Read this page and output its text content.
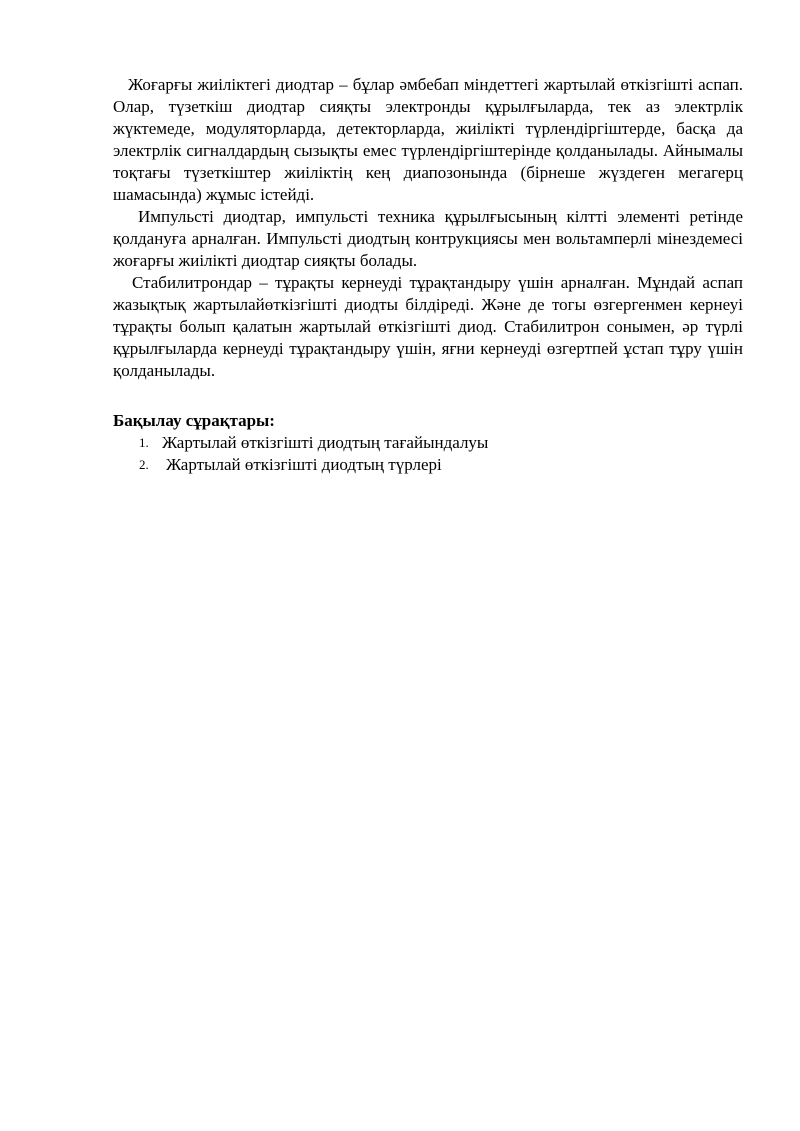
Жоғарғы жиіліктегі диодтар – бұлар әмбебап міндеттегі жартылай өткізгішті аспап. Олар, түзеткіш диодтар сияқты электронды құрылғыларда, тек аз электрлік жүктемеде, модуляторларда, детекторларда, жиілікті түрлендіргіштерде, басқа да электрлік сигналдардың сызықты емес түрлендіргіштерінде қолданылады. Айнымалы тоқтағы түзеткіштер жиіліктің кең диапозонында (бірнеше жүздеген мегагерц шамасында) жұмыс істейді.

Импульсті диодтар, импульсті техника құрылғысының кілтті элементі ретінде қолдануға арналған. Импульсті диодтың контрукциясы мен вольтамперлі мінездемесі жоғарғы жиілікті диодтар сияқты болады.

Стабилитрондар – тұрақты кернеуді тұрақтандыру үшін арналған. Мұндай аспап жазықтық жартылайөткізгішті диодты білдіреді. Және де тогы өзгергенмен кернеуі тұрақты болып қалатын жартылай өткізгішті диод. Стабилитрон сонымен, әр түрлі құрылғыларда кернеуді тұрақтандыру үшін, яғни кернеуді өзгертпей ұстап тұру үшін қолданылады.

Бақылау сұрақтары:
1. Жартылай өткізгішті диодтың тағайындалуы
2. Жартылай өткізгішті диодтың түрлері
